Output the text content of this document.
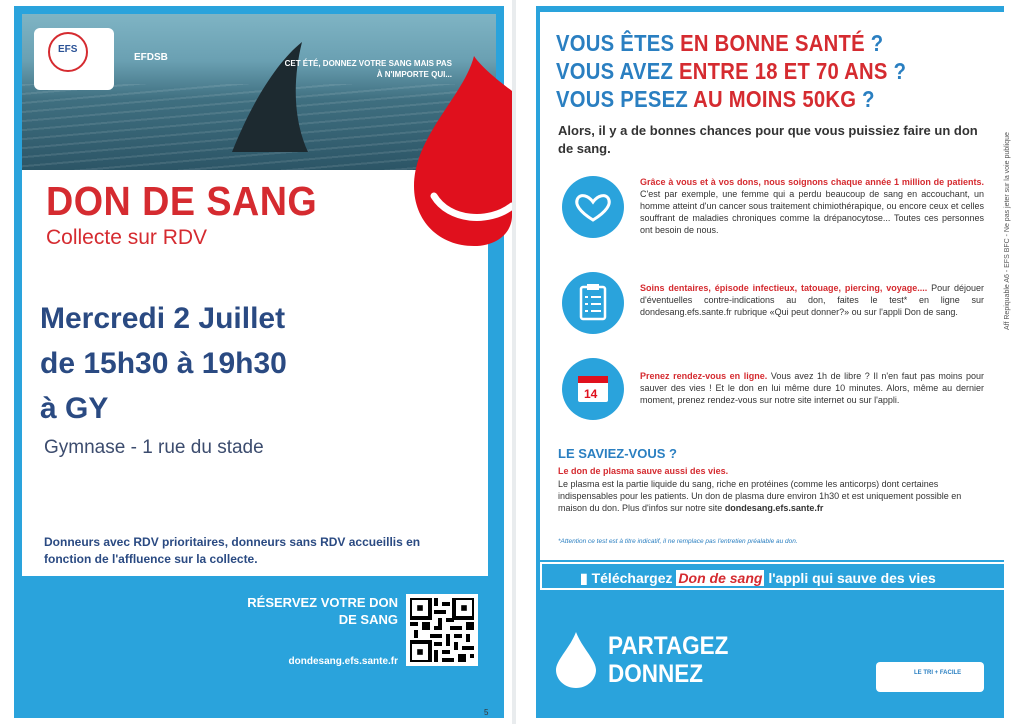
EFS
EFDSB
CET ÉTÉ, DONNEZ VOTRE SANG MAIS PAS À N'IMPORTE QUI...
DON DE SANG
Collecte sur RDV
Mercredi 2 Juillet
de 15h30 à 19h30
à GY
Gymnase - 1 rue du stade
Donneurs avec RDV prioritaires, donneurs sans RDV accueillis en fonction de l'affluence sur la collecte.
RÉSERVEZ VOTRE DON DE SANG
dondesang.efs.sante.fr
5
VOUS ÊTES EN BONNE SANTÉ ?
VOUS AVEZ ENTRE 18 ET 70 ANS ?
VOUS PESEZ AU MOINS 50KG ?
Alors, il y a de bonnes chances pour que vous puissiez faire un don de sang.
Grâce à vous et à vos dons, nous soignons chaque année 1 million de patients. C'est par exemple, une femme qui a perdu beaucoup de sang en accouchant, un homme atteint d'un cancer sous traitement chimiothérapique, ou encore ceux et celles souffrant de maladies chroniques comme la drépanocytose... Toutes ces personnes ont besoin de nous.
Soins dentaires, épisode infectieux, tatouage, piercing, voyage.... Pour déjouer d'éventuelles contre-indications au don, faites le test* en ligne sur dondesang.efs.sante.fr rubrique «Qui peut donner?» ou sur l'appli Don de sang.
14
Prenez rendez-vous en ligne. Vous avez 1h de libre ? Il n'en faut pas moins pour sauver des vies ! Et le don en lui même dure 10 minutes. Alors, même au dernier moment, prenez rendez-vous sur notre site internet ou sur l'appli.
LE SAVIEZ-VOUS ?
Le don de plasma sauve aussi des vies.
Le plasma est la partie liquide du sang, riche en protéines (comme les anticorps) dont certaines indispensables pour les patients. Un don de plasma dure environ 1h30 et est uniquement possible en maison du don. Plus d'infos sur notre site dondesang.efs.sante.fr
*Attention ce test est à titre indicatif, il ne remplace pas l'entretien préalable au don.
▮ Téléchargez Don de sang l'appli qui sauve des vies
PARTAGEZ
DONNEZ	LE TRI + FACILE
Aff Repiquable A6 - EFS BFC - Ne pas jeter sur la voie publique
